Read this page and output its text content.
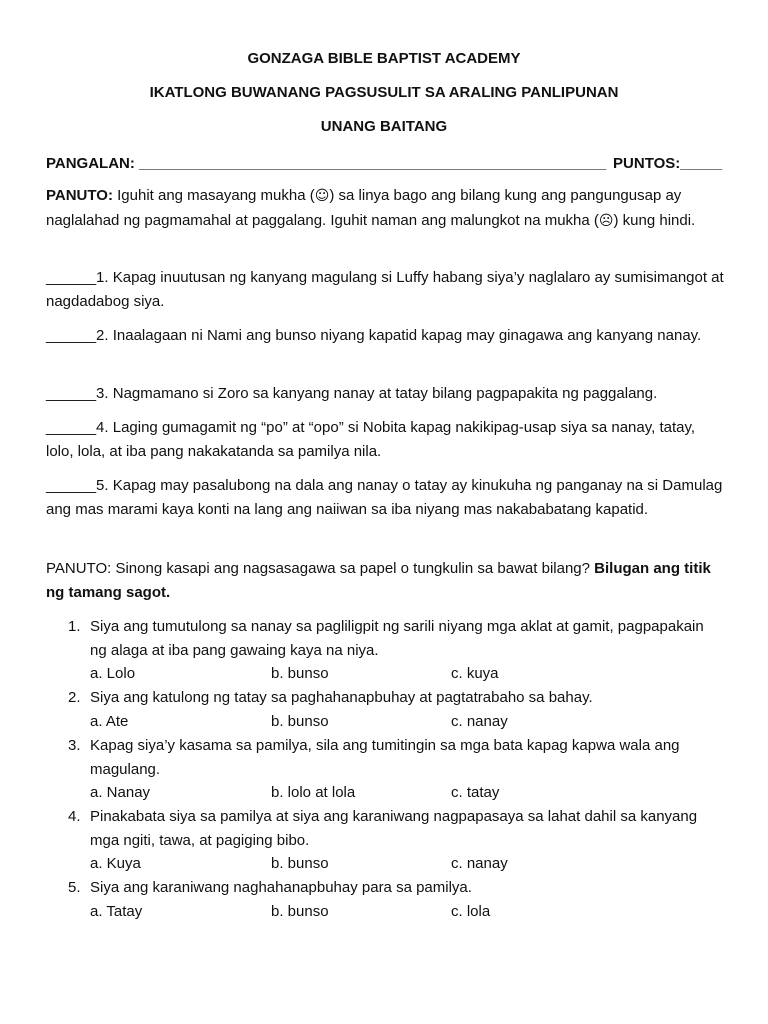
GONZAGA BIBLE BAPTIST ACADEMY
IKATLONG BUWANANG PAGSUSULIT SA ARALING PANLIPUNAN
UNANG BAITANG
PANGALAN: ________________________________________________________ PUNTOS:_____
PANUTO: Iguhit ang masayang mukha (☺) sa linya bago ang bilang kung ang pangungusap ay naglalahad ng pagmamahal at paggalang. Iguhit naman ang malungkot na mukha (☹) kung hindi.
______1. Kapag inuutusan ng kanyang magulang si Luffy habang siya’y naglalaro ay sumisimangot at nagdadabog siya.
______2. Inaalagaan ni Nami ang bunso niyang kapatid kapag may ginagawa ang kanyang nanay.
______3. Nagmamano si Zoro sa kanyang nanay at tatay bilang pagpapakita ng paggalang.
______4. Laging gumagamit ng “po” at “opo” si Nobita kapag nakikipag-usap siya sa nanay, tatay, lolo, lola, at iba pang nakakatanda sa pamilya nila.
______5. Kapag may pasalubong na dala ang nanay o tatay ay kinukuha ng panganay na si Damulag ang mas marami kaya konti na lang ang naiiwan sa iba niyang mas nakababatang kapatid.
PANUTO: Sinong kasapi ang nagsasagawa sa papel o tungkulin sa bawat bilang? Bilugan ang titik ng tamang sagot.
1. Siya ang tumutulong sa nanay sa pagliligpit ng sarili niyang mga aklat at gamit, pagpapakain ng alaga at iba pang gawaing kaya na niya.
a. Lolo	b. bunso	c. kuya
2. Siya ang katulong ng tatay sa paghahanapbuhay at pagtatrabaho sa bahay.
a. Ate	b. bunso	c. nanay
3. Kapag siya’y kasama sa pamilya, sila ang tumitingin sa mga bata kapag kapwa wala ang magulang.
a. Nanay	b. lolo at lola	c. tatay
4. Pinakabata siya sa pamilya at siya ang karaniwang nagpapasaya sa lahat dahil sa kanyang mga ngiti, tawa, at pagiging bibo.
a. Kuya	b. bunso	c. nanay
5. Siya ang karaniwang naghahanapbuhay para sa pamilya.
a. Tatay	b. bunso	c. lola
